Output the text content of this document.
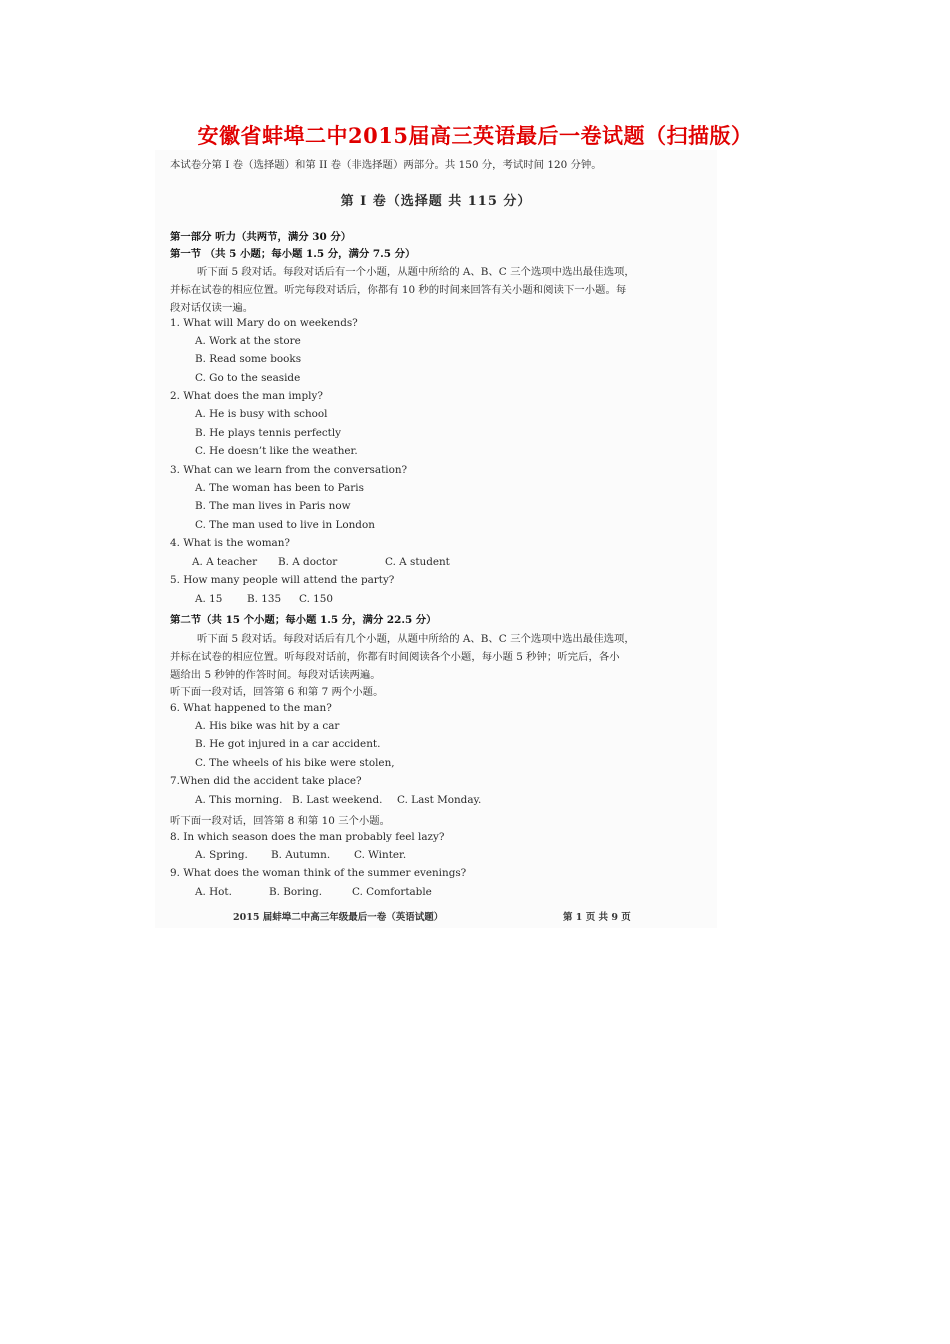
安徽省蚌埠二中2015届高三英语最后一卷试题（扫描版）
本试卷分第 I 卷（选择题）和第 II 卷（非选择题）两部分。共 150 分，考试时间 120 分钟。
第 I 卷（选择题 共 115 分）
第一部分 听力（共两节，满分 30 分）
第一节 （共 5 小题；每小题 1.5 分，满分 7.5 分）
听下面 5 段对话。每段对话后有一个小题，从题中所给的 A、B、C 三个选项中选出最佳选项，
并标在试卷的相应位置。听完每段对话后，你都有 10 秒的时间来回答有关小题和阅读下一小题。每
段对话仅读一遍。
1. What will Mary do on weekends?
A. Work at the store
B. Read some books
C. Go to the seaside
2. What does the man imply?
A. He is busy with school
B. He plays tennis perfectly
C. He doesn’t like the weather.
3. What can we learn from the conversation?
A. The woman has been to Paris
B. The man lives in Paris now
C. The man used to live in London
4. What is the woman?
A. A teacher B. A doctor	C. A student
5. How many people will attend the party?
A. 15 B. 135 C. 150
第二节（共 15 个小题；每小题 1.5 分，满分 22.5 分）
听下面 5 段对话。每段对话后有几个小题，从题中所给的 A、B、C 三个选项中选出最佳选项，
并标在试卷的相应位置。听每段对话前，你都有时间阅读各个小题，每小题 5 秒钟；听完后，各小
题给出 5 秒钟的作答时间。每段对话读两遍。
听下面一段对话，回答第 6 和第 7 两个小题。
6. What happened to the man?
A. His bike was hit by a car
B. He got injured in a car accident.
C. The wheels of his bike were stolen,
7.When did the accident take place?
A. This morning. B. Last weekend. C. Last Monday.
听下面一段对话，回答第 8 和第 10 三个小题。
8. In which season does the man probably feel lazy?
A. Spring. B. Autumn. C. Winter.
9. What does the woman think of the summer evenings?
A. Hot.	B. Boring.	C. Comfortable
2015 届蚌埠二中高三年级最后一卷（英语试题）	第 1 页 共 9 页
